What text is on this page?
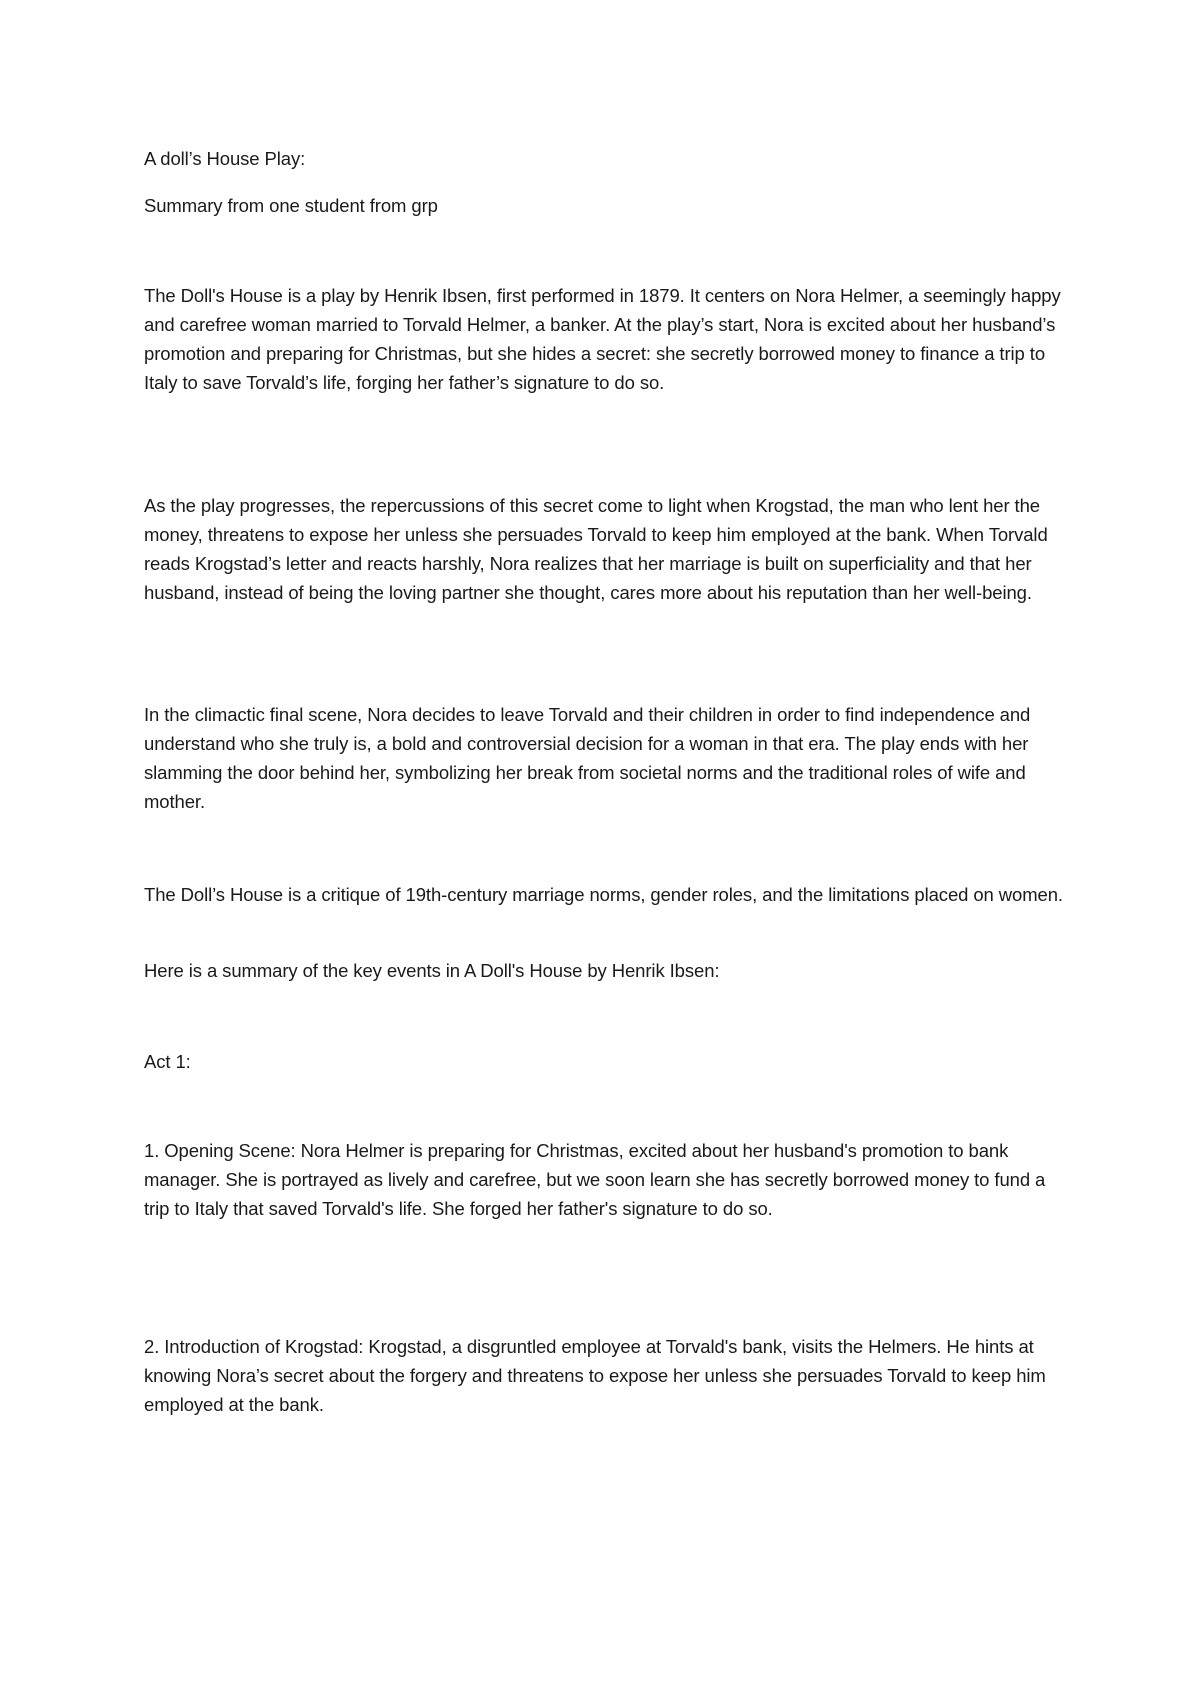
A doll’s House Play:

Summary from one student from grp

The Doll's House is a play by Henrik Ibsen, first performed in 1879. It centers on Nora Helmer, a seemingly happy and carefree woman married to Torvald Helmer, a banker. At the play’s start, Nora is excited about her husband’s promotion and preparing for Christmas, but she hides a secret: she secretly borrowed money to finance a trip to Italy to save Torvald’s life, forging her father’s signature to do so.

As the play progresses, the repercussions of this secret come to light when Krogstad, the man who lent her the money, threatens to expose her unless she persuades Torvald to keep him employed at the bank. When Torvald reads Krogstad’s letter and reacts harshly, Nora realizes that her marriage is built on superficiality and that her husband, instead of being the loving partner she thought, cares more about his reputation than her well-being.

In the climactic final scene, Nora decides to leave Torvald and their children in order to find independence and understand who she truly is, a bold and controversial decision for a woman in that era. The play ends with her slamming the door behind her, symbolizing her break from societal norms and the traditional roles of wife and mother.

The Doll’s House is a critique of 19th-century marriage norms, gender roles, and the limitations placed on women.

Here is a summary of the key events in A Doll's House by Henrik Ibsen:

Act 1:

1. Opening Scene: Nora Helmer is preparing for Christmas, excited about her husband's promotion to bank manager. She is portrayed as lively and carefree, but we soon learn she has secretly borrowed money to fund a trip to Italy that saved Torvald's life. She forged her father's signature to do so.

2. Introduction of Krogstad: Krogstad, a disgruntled employee at Torvald's bank, visits the Helmers. He hints at knowing Nora’s secret about the forgery and threatens to expose her unless she persuades Torvald to keep him employed at the bank.
